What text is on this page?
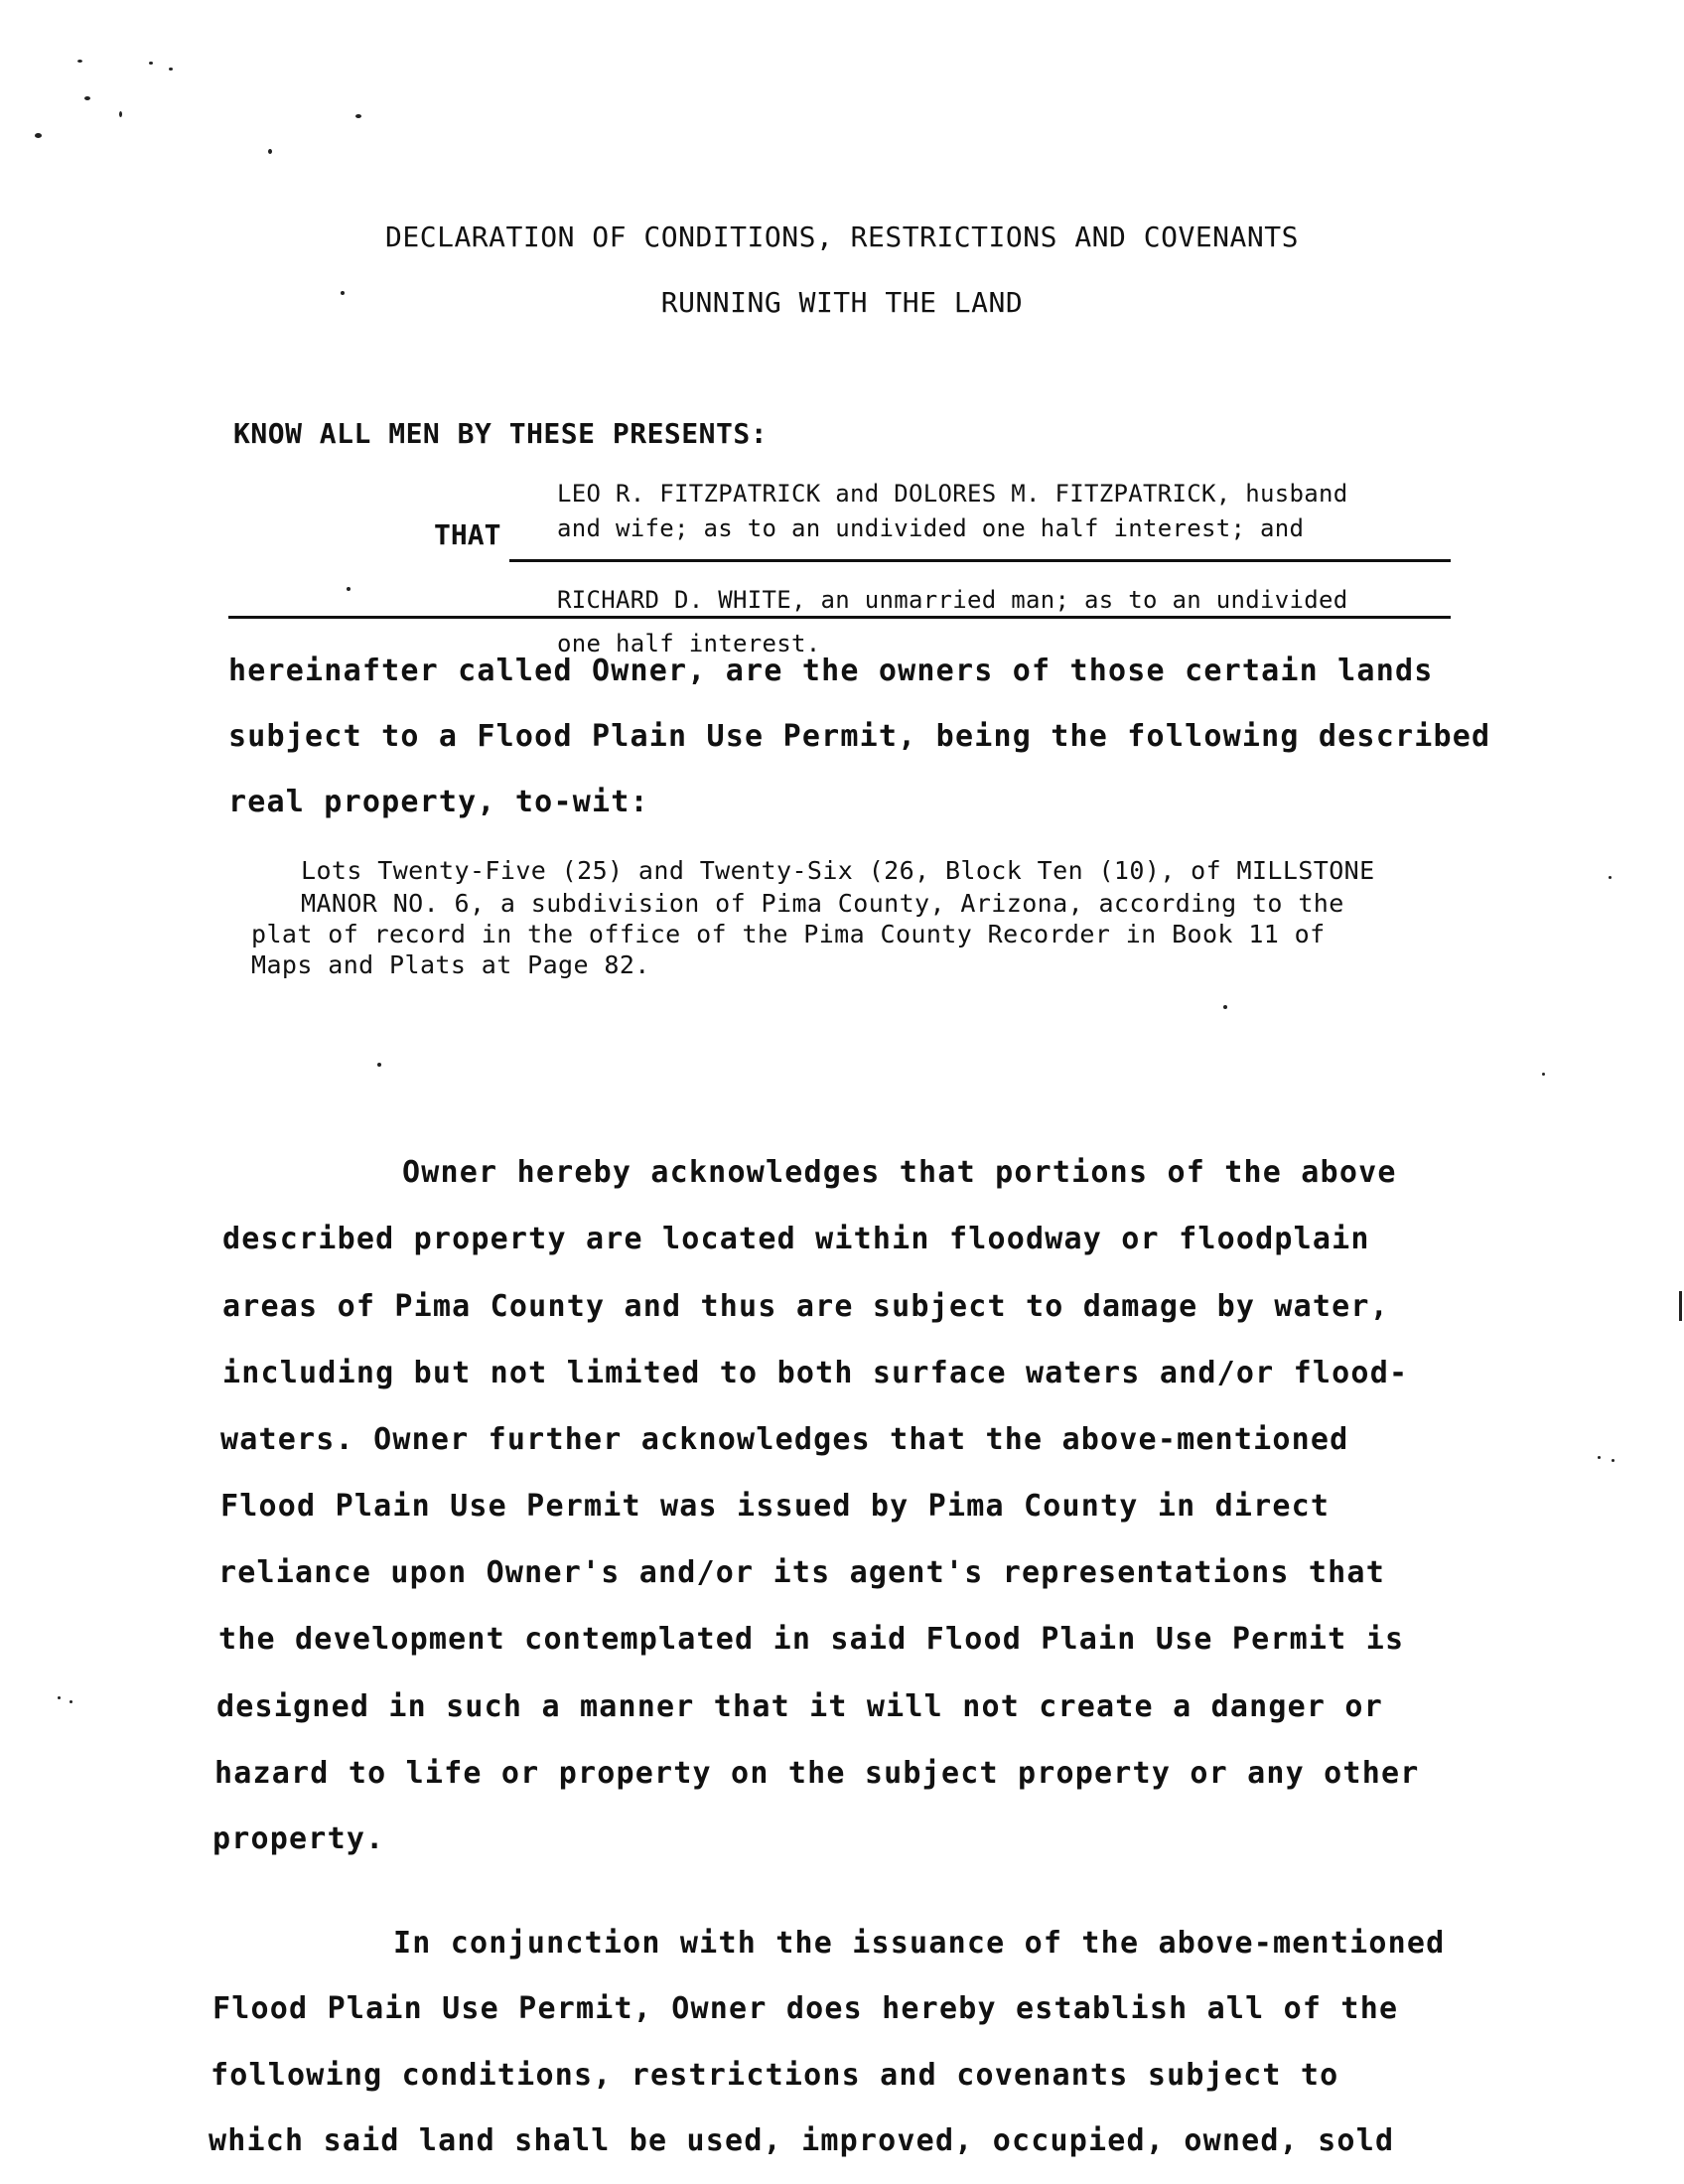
DECLARATION OF CONDITIONS, RESTRICTIONS AND COVENANTS
RUNNING WITH THE LAND
KNOW ALL MEN BY THESE PRESENTS:
LEO R. FITZPATRICK and DOLORES M. FITZPATRICK, husband
THAT and wife; as to an undivided one half interest; and
RICHARD D. WHITE, an unmarried man; as to an undivided
one half interest.
hereinafter called Owner, are the owners of those certain lands
subject to a Flood Plain Use Permit, being the following described
real property, to-wit:
Lots Twenty-Five (25) and Twenty-Six (26, Block Ten (10), of MILLSTONE
MANOR NO. 6, a subdivision of Pima County, Arizona, according to the
plat of record in the office of the Pima County Recorder in Book 11 of
Maps and Plats at Page 82.
Owner hereby acknowledges that portions of the above
described property are located within floodway or floodplain
areas of Pima County and thus are subject to damage by water,
including but not limited to both surface waters and/or flood-
waters. Owner further acknowledges that the above-mentioned
Flood Plain Use Permit was issued by Pima County in direct
reliance upon Owner's and/or its agent's representations that
the development contemplated in said Flood Plain Use Permit is
designed in such a manner that it will not create a danger or
hazard to life or property on the subject property or any other
property.
In conjunction with the issuance of the above-mentioned
Flood Plain Use Permit, Owner does hereby establish all of the
following conditions, restrictions and covenants subject to
which said land shall be used, improved, occupied, owned, sold
